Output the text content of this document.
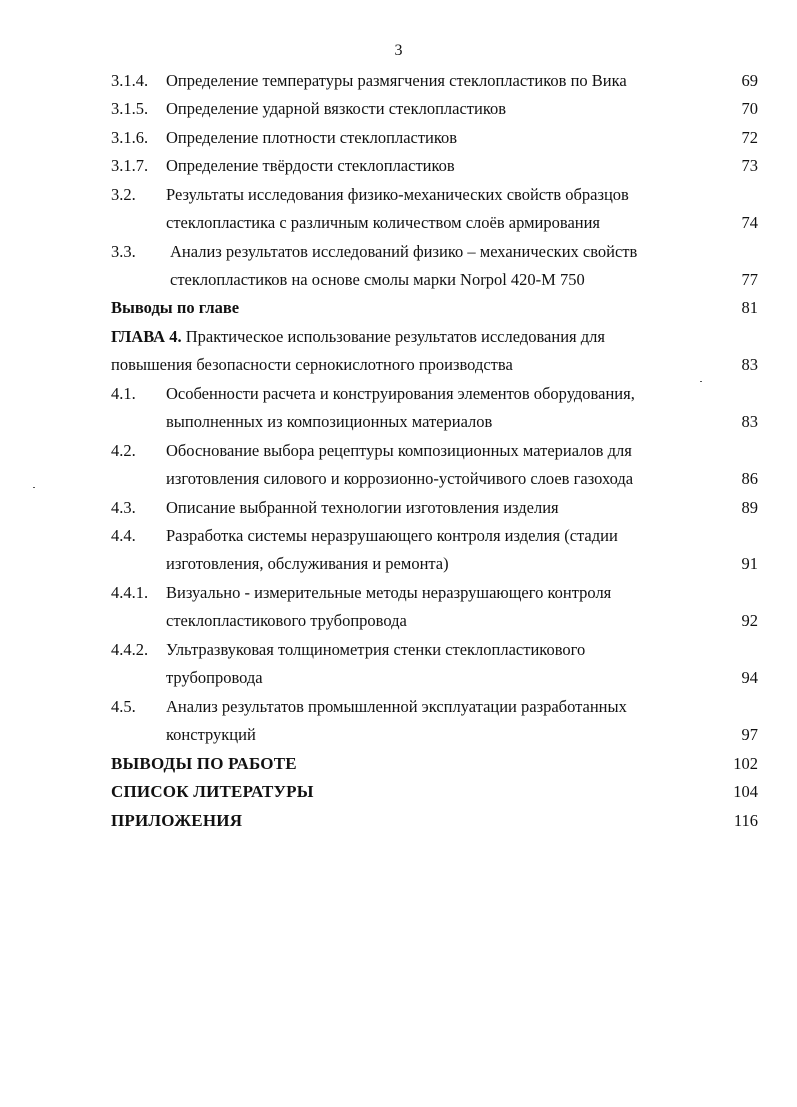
3
3.1.4. Определение температуры размягчения стеклопластиков по Вика	69
3.1.5. Определение ударной вязкости стеклопластиков	70
3.1.6. Определение плотности стеклопластиков	72
3.1.7. Определение твёрдости стеклопластиков	73
3.2. Результаты исследования физико-механических свойств образцов
стеклопластика с различным количеством слоёв армирования	74
3.3. Анализ результатов исследований физико – механических свойств
стеклопластиков на основе смолы марки Norpol 420-M 750	77
Выводы по главе	81
ГЛАВА 4. Практическое использование результатов исследования для
повышения безопасности сернокислотного производства	83
4.1. Особенности расчета и конструирования элементов оборудования,
выполненных из композиционных материалов	83
4.2. Обоснование выбора рецептуры композиционных материалов для
изготовления силового и коррозионно-устойчивого слоев газохода	86
4.3. Описание выбранной технологии изготовления изделия	89
4.4. Разработка системы неразрушающего контроля изделия (стадии
изготовления, обслуживания и ремонта)	91
4.4.1. Визуально - измерительные методы неразрушающего контроля
стеклопластикового трубопровода	92
4.4.2. Ультразвуковая толщинометрия стенки стеклопластикового
трубопровода	94
4.5. Анализ результатов промышленной эксплуатации разработанных
конструкций	97
ВЫВОДЫ ПО РАБОТЕ	102
СПИСОК ЛИТЕРАТУРЫ	104
ПРИЛОЖЕНИЯ	116
